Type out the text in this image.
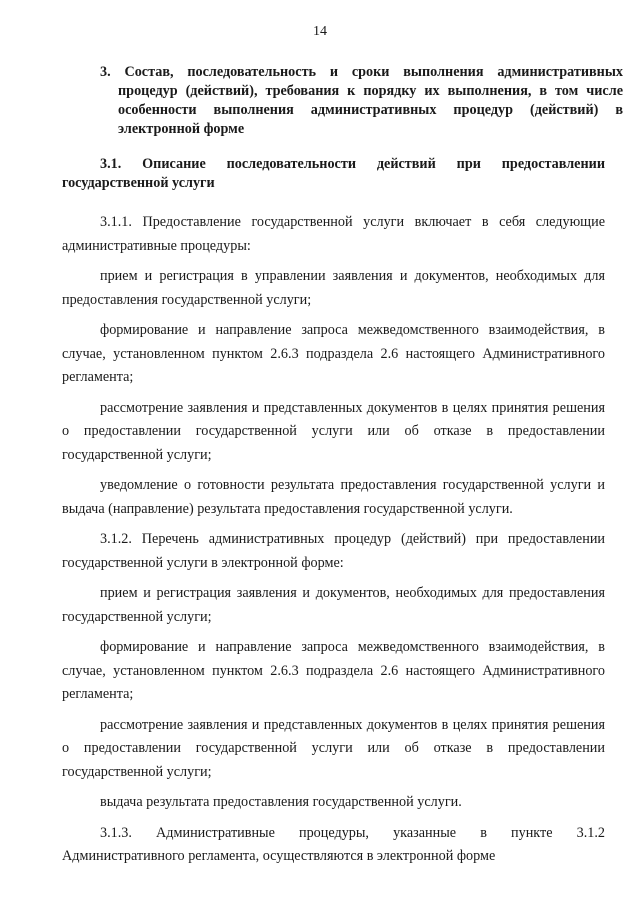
14
3. Состав, последовательность и сроки выполнения административных процедур (действий), требования к порядку их выполнения, в том числе особенности выполнения административных процедур (действий) в электронной форме
3.1. Описание последовательности действий при предоставлении государственной услуги

3.1.1. Предоставление государственной услуги включает в себя следующие административные процедуры:

прием и регистрация в управлении заявления и документов, необходимых для предоставления государственной услуги;

формирование и направление запроса межведомственного взаимодействия, в случае, установленном пунктом 2.6.3 подраздела 2.6 настоящего Административного регламента;

рассмотрение заявления и представленных документов в целях принятия решения о предоставлении государственной услуги или об отказе в предоставлении государственной услуги;

уведомление о готовности результата предоставления государственной услуги и выдача (направление) результата предоставления государственной услуги.

3.1.2. Перечень административных процедур (действий) при предоставлении государственной услуги в электронной форме:

прием и регистрация заявления и документов, необходимых для предоставления государственной услуги;

формирование и направление запроса межведомственного взаимодействия, в случае, установленном пунктом 2.6.3 подраздела 2.6 настоящего Административного регламента;

рассмотрение заявления и представленных документов в целях принятия решения о предоставлении государственной услуги или об отказе в предоставлении государственной услуги;

выдача результата предоставления государственной услуги.

3.1.3. Административные процедуры, указанные в пункте 3.1.2 Административного регламента, осуществляются в электронной форме
